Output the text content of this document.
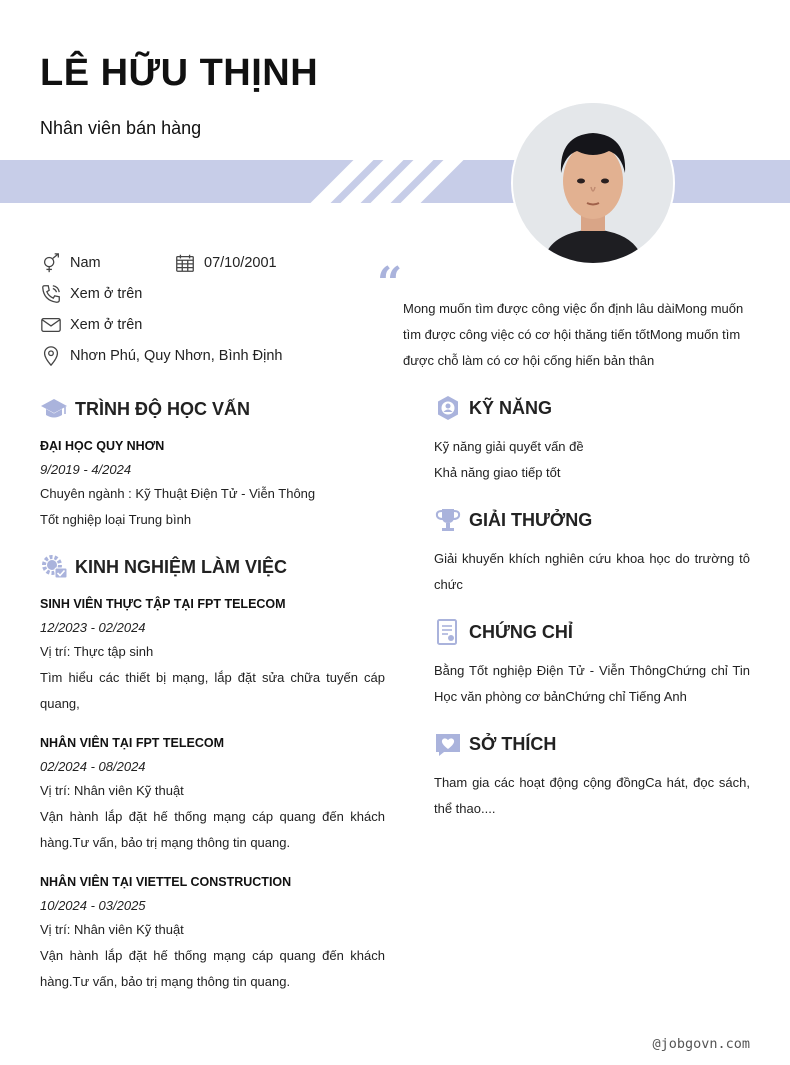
LÊ HỮU THỊNH
Nhân viên bán hàng
Nam	07/10/2001
Xem ở trên
Xem ở trên
Nhơn Phú, Quy Nhơn, Bình Định
“ Mong muốn tìm được công việc ổn định lâu dàiMong muốn tìm được công việc có cơ hội thăng tiến tốtMong muốn tìm được chỗ làm có cơ hội cống hiến bản thân
TRÌNH ĐỘ HỌC VẤN
ĐẠI HỌC QUY NHƠN
9/2019 - 4/2024
Chuyên ngành : Kỹ Thuật Điện Tử - Viễn Thông
Tốt nghiệp loại Trung bình
KINH NGHIỆM LÀM VIỆC
SINH VIÊN THỰC TẬP TẠI FPT TELECOM
12/2023 - 02/2024
Vị trí: Thực tập sinh
Tìm hiểu các thiết bị mạng, lắp đặt sửa chữa tuyến cáp quang,
NHÂN VIÊN TẠI FPT TELECOM
02/2024 - 08/2024
Vị trí: Nhân viên Kỹ thuật
Vận hành lắp đặt hế thống mạng cáp quang đến khách hàng.Tư vấn, bảo trị mạng thông tin quang.
NHÂN VIÊN TẠI VIETTEL CONSTRUCTION
10/2024 - 03/2025
Vị trí: Nhân viên Kỹ thuật
Vận hành lắp đặt hế thống mạng cáp quang đến khách hàng.Tư vấn, bảo trị mạng thông tin quang.
KỸ NĂNG
Kỹ năng giải quyết vấn đề
Khả năng giao tiếp tốt
GIẢI THƯỞNG
Giải khuyến khích nghiên cứu khoa học do trường tô chức
CHỨNG CHỈ
Bằng Tốt nghiệp Điện Tử - Viễn ThôngChứng chỉ Tin Học văn phòng cơ bảnChứng chỉ Tiếng Anh
SỞ THÍCH
Tham gia các hoạt động cộng đồngCa hát, đọc sách, thể thao....
@jobgovn.com
